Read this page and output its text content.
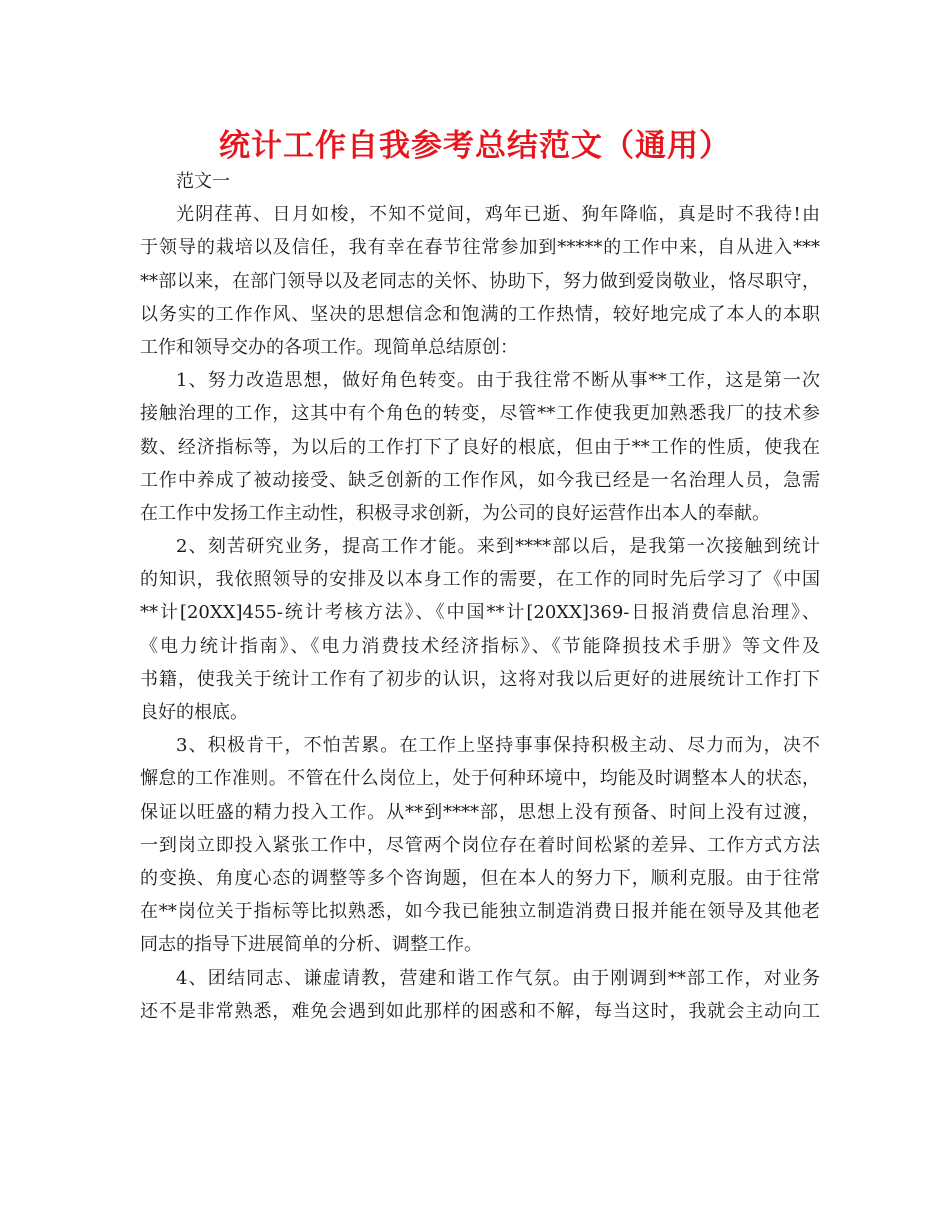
统计工作自我参考总结范文（通用）
范文一
光阴荏苒、日月如梭，不知不觉间，鸡年已逝、狗年降临，真是时不我待!由
于领导的栽培以及信任，我有幸在春节往常参加到*****的工作中来，自从进入***
**部以来，在部门领导以及老同志的关怀、协助下，努力做到爱岗敬业，恪尽职守，
以务实的工作作风、坚决的思想信念和饱满的工作热情，较好地完成了本人的本职
工作和领导交办的各项工作。现简单总结原创：
1、努力改造思想，做好角色转变。由于我往常不断从事**工作，这是第一次
接触治理的工作，这其中有个角色的转变，尽管**工作使我更加熟悉我厂的技术参
数、经济指标等，为以后的工作打下了良好的根底，但由于**工作的性质，使我在
工作中养成了被动接受、缺乏创新的工作作风，如今我已经是一名治理人员，急需
在工作中发扬工作主动性，积极寻求创新，为公司的良好运营作出本人的奉献。
2、刻苦研究业务，提高工作才能。来到****部以后，是我第一次接触到统计
的知识，我依照领导的安排及以本身工作的需要，在工作的同时先后学习了《中国
**计[20XX]455-统计考核方法》、《中国**计[20XX]369-日报消费信息治理》、
《电力统计指南》、《电力消费技术经济指标》、《节能降损技术手册》等文件及
书籍，使我关于统计工作有了初步的认识，这将对我以后更好的进展统计工作打下
良好的根底。
3、积极肯干，不怕苦累。在工作上坚持事事保持积极主动、尽力而为，决不
懈怠的工作准则。不管在什么岗位上，处于何种环境中，均能及时调整本人的状态，
保证以旺盛的精力投入工作。从**到****部，思想上没有预备、时间上没有过渡，
一到岗立即投入紧张工作中，尽管两个岗位存在着时间松紧的差异、工作方式方法
的变换、角度心态的调整等多个咨询题，但在本人的努力下，顺利克服。由于往常
在**岗位关于指标等比拟熟悉，如今我已能独立制造消费日报并能在领导及其他老
同志的指导下进展简单的分析、调整工作。
4、团结同志、谦虚请教，营建和谐工作气氛。由于刚调到**部工作，对业务
还不是非常熟悉，难免会遇到如此那样的困惑和不解，每当这时，我就会主动向工
